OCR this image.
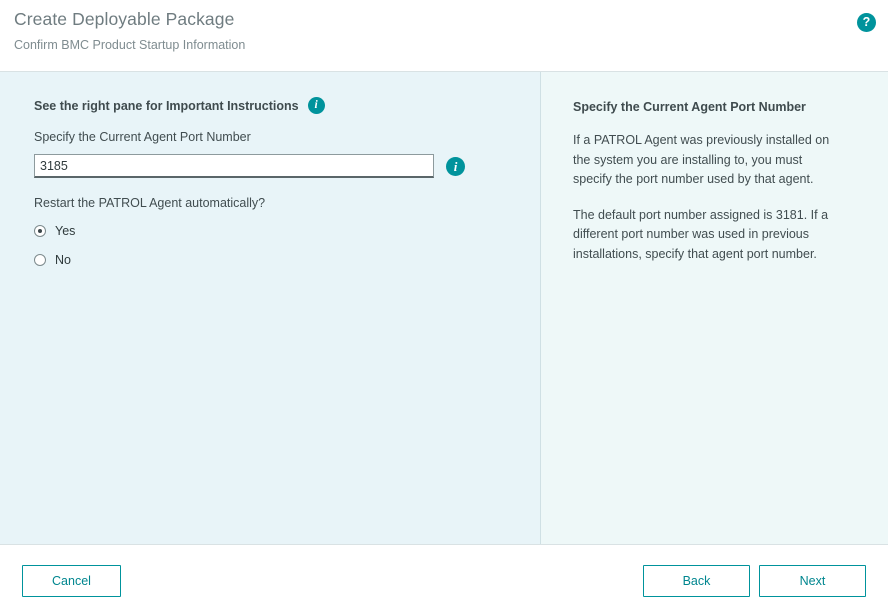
Create Deployable Package
Confirm BMC Product Startup Information
?
See the right pane for Important Instructions	i
Specify the Current Agent Port Number
3185
i
Restart the PATROL Agent automatically?
Yes
No
Specify the Current Agent Port Number

If a PATROL Agent was previously installed on the system you are installing to, you must specify the port number used by that agent.

The default port number assigned is 3181. If a different port number was used in previous installations, specify that agent port number.

Cancel	Back	Next
